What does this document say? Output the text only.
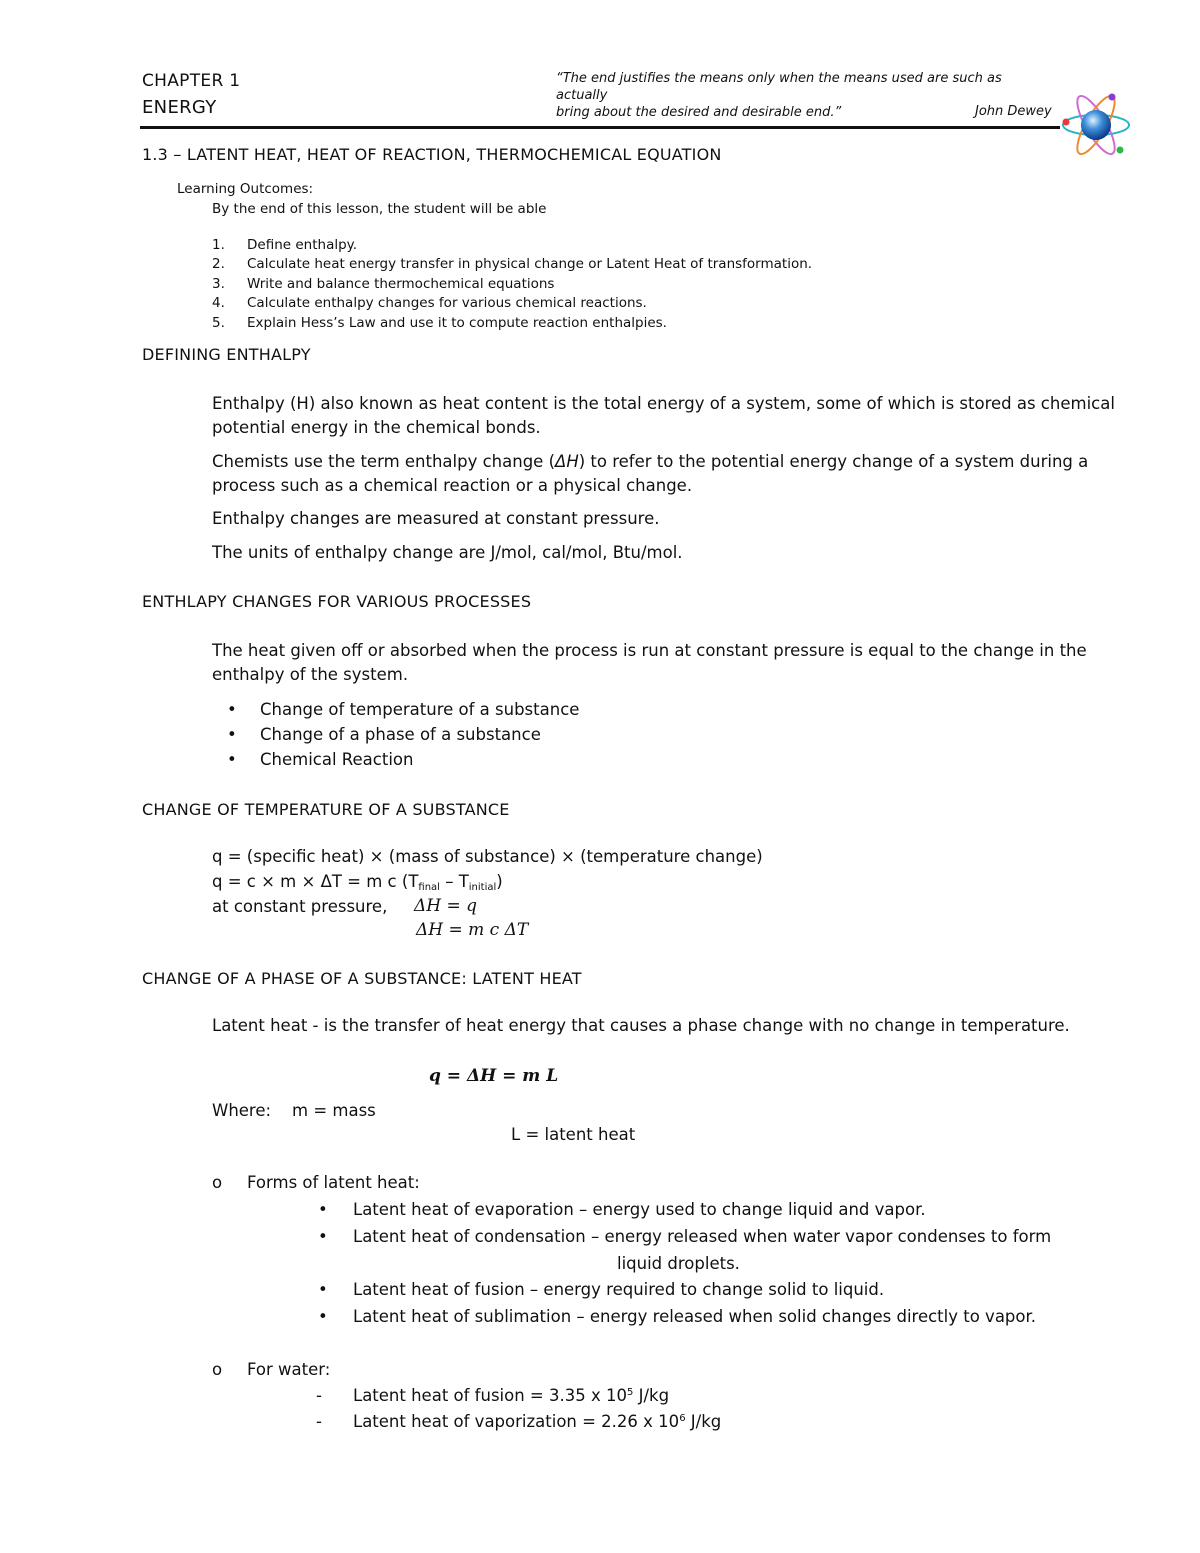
CHAPTER 1
ENERGY
“The end justifies the means only when the means used are such as actually
bring about the desired and desirable end.”	John Dewey
1.3 – LATENT HEAT, HEAT OF REACTION, THERMOCHEMICAL EQUATION
Learning Outcomes:
By the end of this lesson, the student will be able
1. Define enthalpy.
2. Calculate heat energy transfer in physical change or Latent Heat of transformation.
3. Write and balance thermochemical equations
4. Calculate enthalpy changes for various chemical reactions.
5. Explain Hess’s Law and use it to compute reaction enthalpies.
DEFINING ENTHALPY
Enthalpy (H) also known as heat content is the total energy of a system, some of which is stored as chemical potential energy in the chemical bonds.
Chemists use the term enthalpy change (ΔH) to refer to the potential energy change of a system during a process such as a chemical reaction or a physical change.
Enthalpy changes are measured at constant pressure.
The units of enthalpy change are J/mol, cal/mol, Btu/mol.
ENTHLAPY CHANGES FOR VARIOUS PROCESSES
The heat given off or absorbed when the process is run at constant pressure is equal to the change in the enthalpy of the system.
• Change of temperature of a substance
• Change of a phase of a substance
• Chemical Reaction
CHANGE OF TEMPERATURE OF A SUBSTANCE
q = (specific heat) × (mass of substance) × (temperature change)
q = c × m × ΔT = m c $(T_{final} - T_{initial})$
at constant pressure, ΔH = q
ΔH = m c ΔT
CHANGE OF A PHASE OF A SUBSTANCE: LATENT HEAT
Latent heat - is the transfer of heat energy that causes a phase change with no change in temperature.
q = ΔH = m L
Where: m = mass
L = latent heat
o Forms of latent heat:
• Latent heat of evaporation – energy used to change liquid and vapor.
• Latent heat of condensation – energy released when water vapor condenses to form
liquid droplets.
• Latent heat of fusion – energy required to change solid to liquid.
• Latent heat of sublimation – energy released when solid changes directly to vapor.
o For water:
- Latent heat of fusion = 3.35 x $10^5$ J/kg
- Latent heat of vaporization = 2.26 x $10^6$ J/kg
